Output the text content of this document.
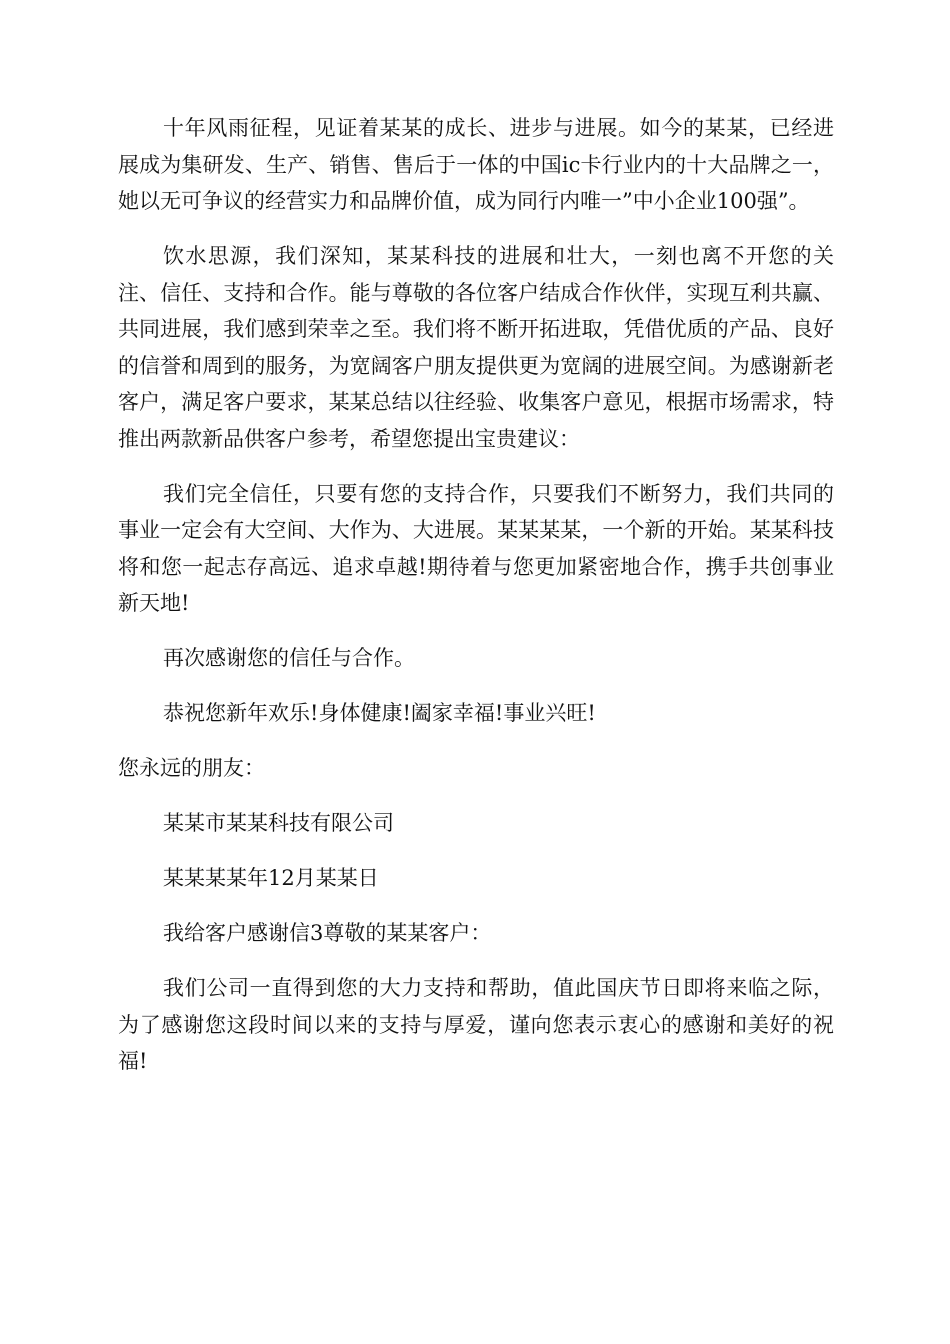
十年风雨征程，见证着某某的成长、进步与进展。如今的某某，已经进展成为集研发、生产、销售、售后于一体的中国ic卡行业内的十大品牌之一，她以无可争议的经营实力和品牌价值，成为同行内唯一”中小企业100强”。

饮水思源，我们深知，某某科技的进展和壮大，一刻也离不开您的关注、信任、支持和合作。能与尊敬的各位客户结成合作伙伴，实现互利共赢、共同进展，我们感到荣幸之至。我们将不断开拓进取，凭借优质的产品、良好的信誉和周到的服务，为宽阔客户朋友提供更为宽阔的进展空间。为感谢新老客户，满足客户要求，某某总结以往经验、收集客户意见，根据市场需求，特推出两款新品供客户参考，希望您提出宝贵建议：

我们完全信任，只要有您的支持合作，只要我们不断努力，我们共同的事业一定会有大空间、大作为、大进展。某某某某，一个新的开始。某某科技将和您一起志存高远、追求卓越!期待着与您更加紧密地合作，携手共创事业新天地!

再次感谢您的信任与合作。

恭祝您新年欢乐!身体健康!阖家幸福!事业兴旺!

您永远的朋友：

某某市某某科技有限公司

某某某某年12月某某日

我给客户感谢信3尊敬的某某客户：

我们公司一直得到您的大力支持和帮助，值此国庆节日即将来临之际，为了感谢您这段时间以来的支持与厚爱，谨向您表示衷心的感谢和美好的祝福!
